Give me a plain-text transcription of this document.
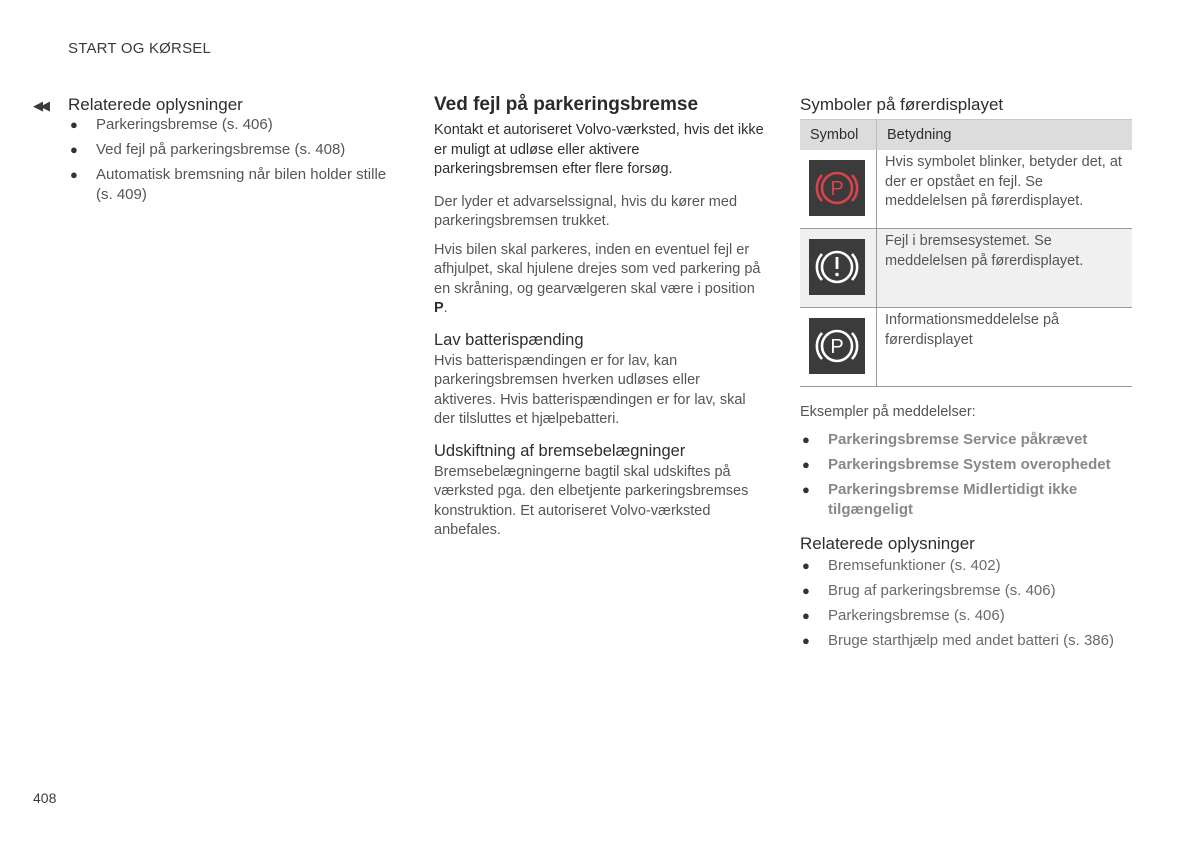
START OG KØRSEL
◀◀	Relaterede oplysninger
● Parkeringsbremse (s. 406)
● Ved fejl på parkeringsbremse (s. 408)
● Automatisk bremsning når bilen holder stille (s. 409)
Ved fejl på parkeringsbremse

Kontakt et autoriseret Volvo-værksted, hvis det ikke er muligt at udløse eller aktivere parkeringsbremsen efter flere forsøg.

Der lyder et advarselssignal, hvis du kører med parkeringsbremsen trukket.

Hvis bilen skal parkeres, inden en eventuel fejl er afhjulpet, skal hjulene drejes som ved parkering på en skråning, og gearvælgeren skal være i position P.

Lav batterispænding

Hvis batterispændingen er for lav, kan parkeringsbremsen hverken udløses eller aktiveres. Hvis batterispændingen er for lav, skal der tilsluttes et hjælpebatteri.

Udskiftning af bremsebelægninger

Bremsebelægningerne bagtil skal udskiftes på værksted pga. den elbetjente parkeringsbremses konstruktion. Et autoriseret Volvo-værksted anbefales.

Symboler på førerdisplayet
Symbol	Betydning

P	Hvis symbolet blinker, betyder det, at der er opstået en fejl. Se meddelelsen på førerdisplayet.

	Fejl i bremsesystemet. Se meddelelsen på førerdisplayet.

P	Informationsmeddelelse på førerdisplayet
Eksempler på meddelelser:
● Parkeringsbremse Service påkrævet
● Parkeringsbremse System overophedet
● Parkeringsbremse Midlertidigt ikke tilgængeligt
Relaterede oplysninger
● Bremsefunktioner (s. 402)
● Brug af parkeringsbremse (s. 406)
● Parkeringsbremse (s. 406)
● Bruge starthjælp med andet batteri (s. 386)
408
